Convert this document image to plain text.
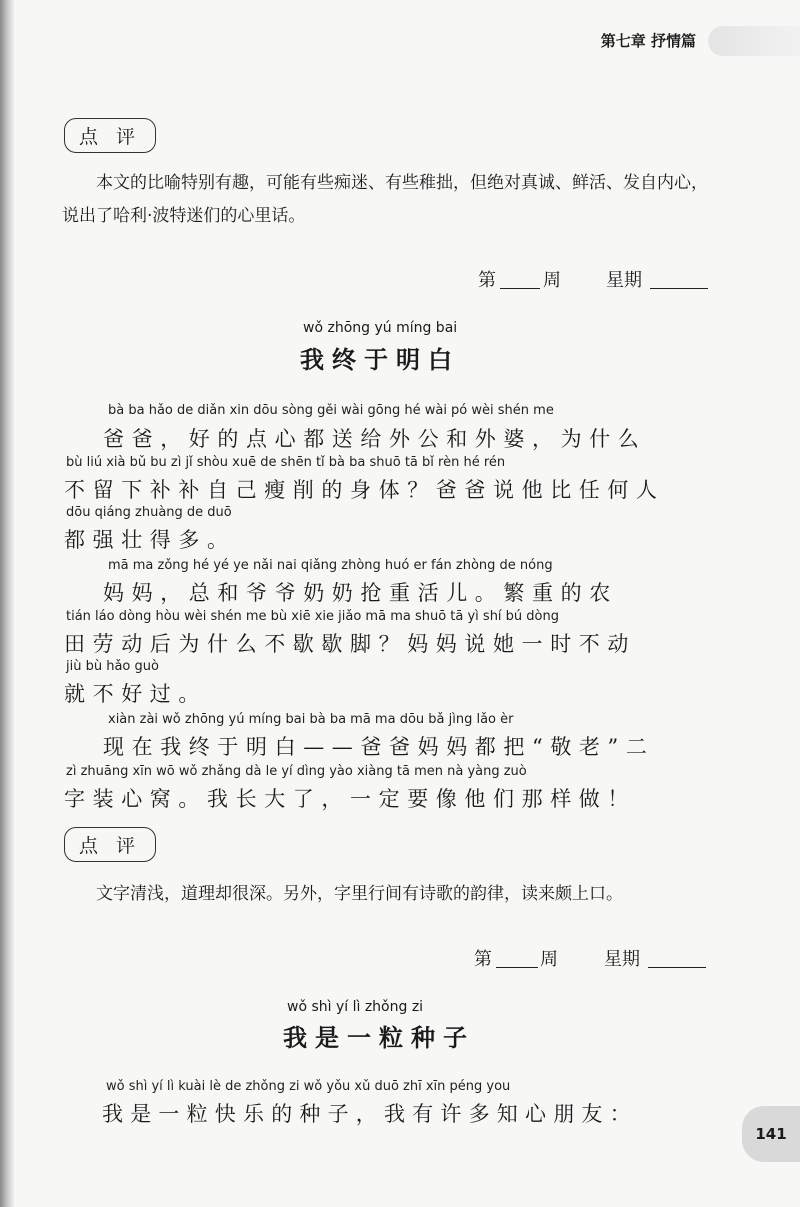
第七章 抒情篇
点 评
本文的比喻特别有趣，可能有些痴迷、有些稚拙，但绝对真诚、鲜活、发自内心，说出了哈利·波特迷们的心里话。
第	周	星期
wǒ zhōng yú míng bai
我终于明白
bà ba hǎo de diǎn xin dōu sòng gěi wài gōng hé wài pó wèi shén me
爸爸，好的点心都送给外公和外婆，为什么
bù liú xià bǔ bu zì jǐ shòu xuē de shēn tǐ bà ba shuō tā bǐ rèn hé rén
不留下补补自己瘦削的身体？爸爸说他比任何人
dōu qiáng zhuàng de duō
都强壮得多。
mā ma zǒng hé yé ye nǎi nai qiǎng zhòng huó er fán zhòng de nóng
妈妈，总和爷爷奶奶抢重活儿。繁重的农
tián láo dòng hòu wèi shén me bù xiē xie jiǎo mā ma shuō tā yì shí bú dòng
田劳动后为什么不歇歇脚？妈妈说她一时不动
jiù bù hǎo guò
就不好过。
xiàn zài wǒ zhōng yú míng bai bà ba mā ma dōu bǎ jìng lǎo èr
现在我终于明白——爸爸妈妈都把“敬老”二
zì zhuāng xīn wō wǒ zhǎng dà le yí dìng yào xiàng tā men nà yàng zuò
字装心窝。我长大了，一定要像他们那样做！
点 评
文字清浅，道理却很深。另外，字里行间有诗歌的韵律，读来颇上口。
第	周	星期
wǒ shì yí lì zhǒng zi
我是一粒种子
wǒ shì yí lì kuài lè de zhǒng zi wǒ yǒu xǔ duō zhī xīn péng you
我是一粒快乐的种子，我有许多知心朋友：
141
